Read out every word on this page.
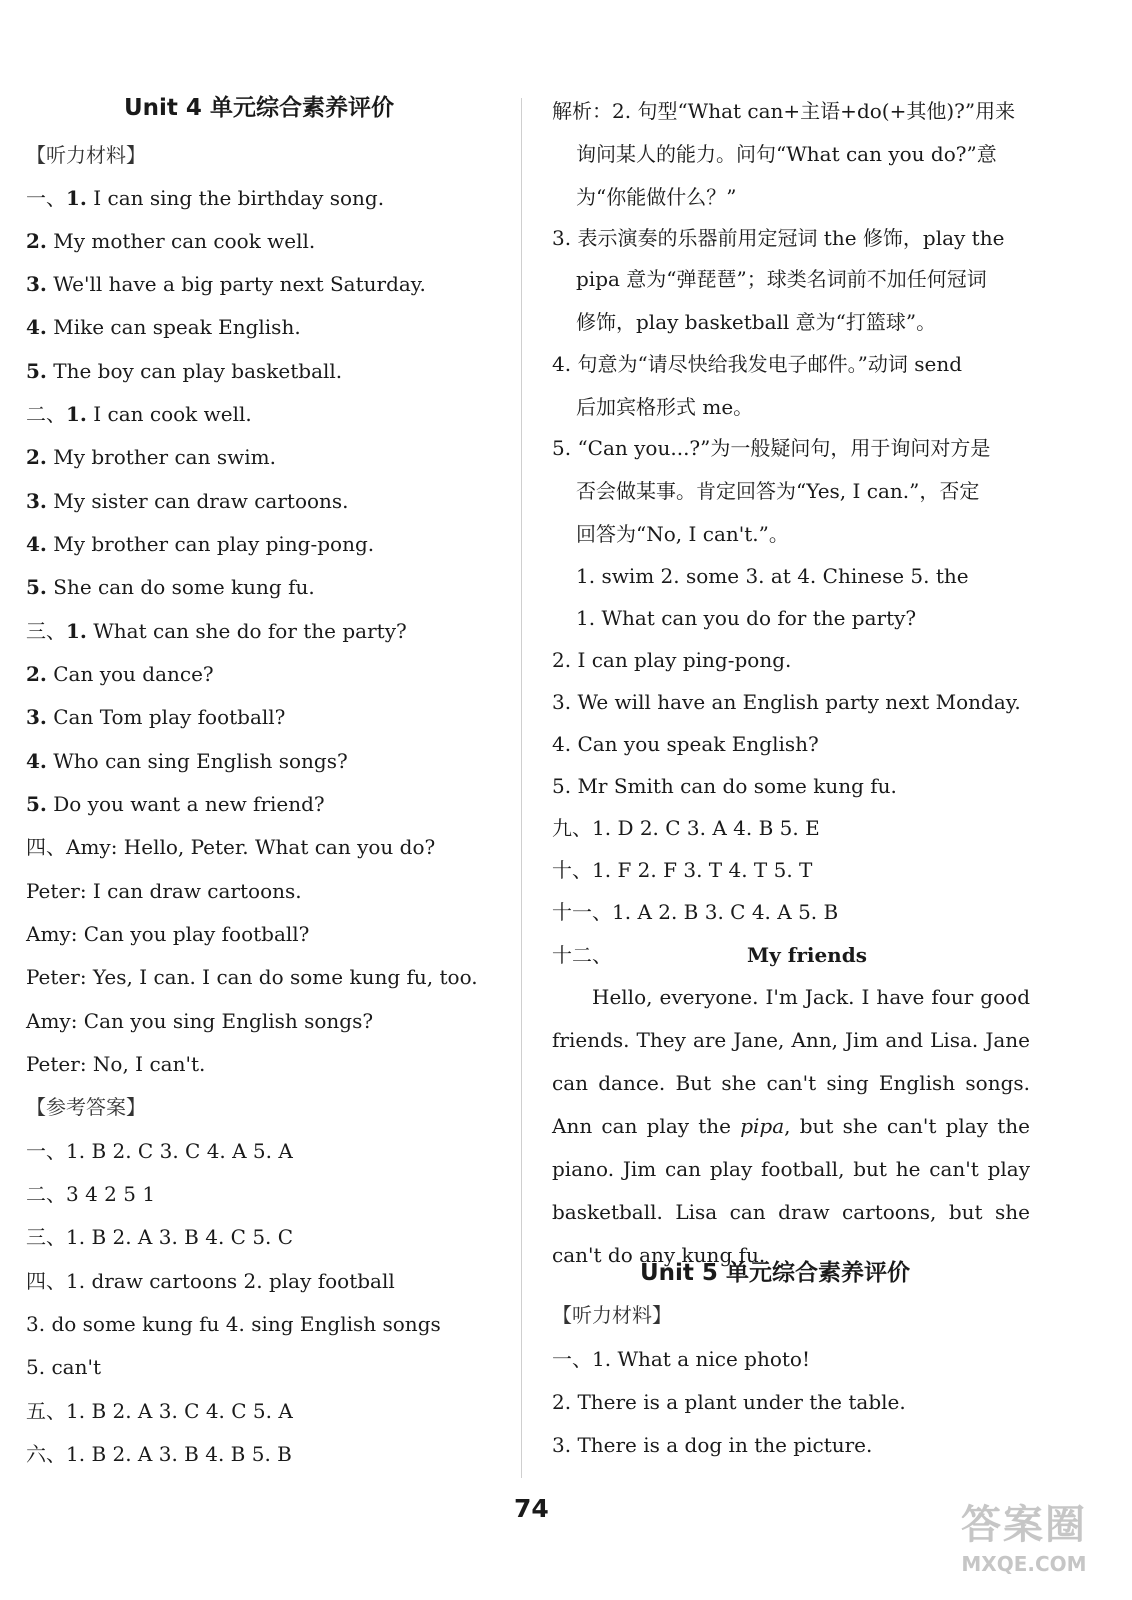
Unit 4 单元综合素养评价
【听力材料】
一、1. I can sing the birthday song.
2. My mother can cook well.
3. We'll have a big party next Saturday.
4. Mike can speak English.
5. The boy can play basketball.
二、1. I can cook well.
2. My brother can swim.
3. My sister can draw cartoons.
4. My brother can play ping-pong.
5. She can do some kung fu.
三、1. What can she do for the party?
2. Can you dance?
3. Can Tom play football?
4. Who can sing English songs?
5. Do you want a new friend?
四、Amy: Hello, Peter. What can you do?
Peter: I can draw cartoons.
Amy: Can you play football?
Peter: Yes, I can. I can do some kung fu, too.
Amy: Can you sing English songs?
Peter: No, I can't.
【参考答案】
一、1. B 2. C 3. C 4. A 5. A
二、3 4 2 5 1
三、1. B 2. A 3. B 4. C 5. C
四、1. draw cartoons 2. play football
3. do some kung fu 4. sing English songs
5. can't
五、1. B 2. A 3. C 4. C 5. A
六、1. B 2. A 3. B 4. B 5. B
解析：2. 句型“What can+主语+do(+其他)?”用来
询问某人的能力。问句“What can you do?”意
为“你能做什么？”
3. 表示演奏的乐器前用定冠词 the 修饰，play the
pipa 意为“弹琵琶”；球类名词前不加任何冠词
修饰，play basketball 意为“打篮球”。
4. 句意为“请尽快给我发电子邮件。”动词 send
后加宾格形式 me。
5. “Can you...?”为一般疑问句，用于询问对方是
否会做某事。肯定回答为“Yes, I can.”，否定
回答为“No, I can't.”。
1. swim 2. some 3. at 4. Chinese 5. the
1. What can you do for the party?
2. I can play ping-pong.
3. We will have an English party next Monday.
4. Can you speak English?
5. Mr Smith can do some kung fu.
九、1. D 2. C 3. A 4. B 5. E
十、1. F 2. F 3. T 4. T 5. T
十一、1. A 2. B 3. C 4. A 5. B
十二、	My friends

Hello, everyone. I'm Jack. I have four good friends. They are Jane, Ann, Jim and Lisa. Jane can dance. But she can't sing English songs. Ann can play the pipa, but she can't play the piano. Jim can play football, but he can't play basketball. Lisa can draw cartoons, but she can't do any kung fu.

Unit 5 单元综合素养评价
【听力材料】
一、1. What a nice photo!
2. There is a plant under the table.
3. There is a dog in the picture.
74	答案圈
MXQE.COM
